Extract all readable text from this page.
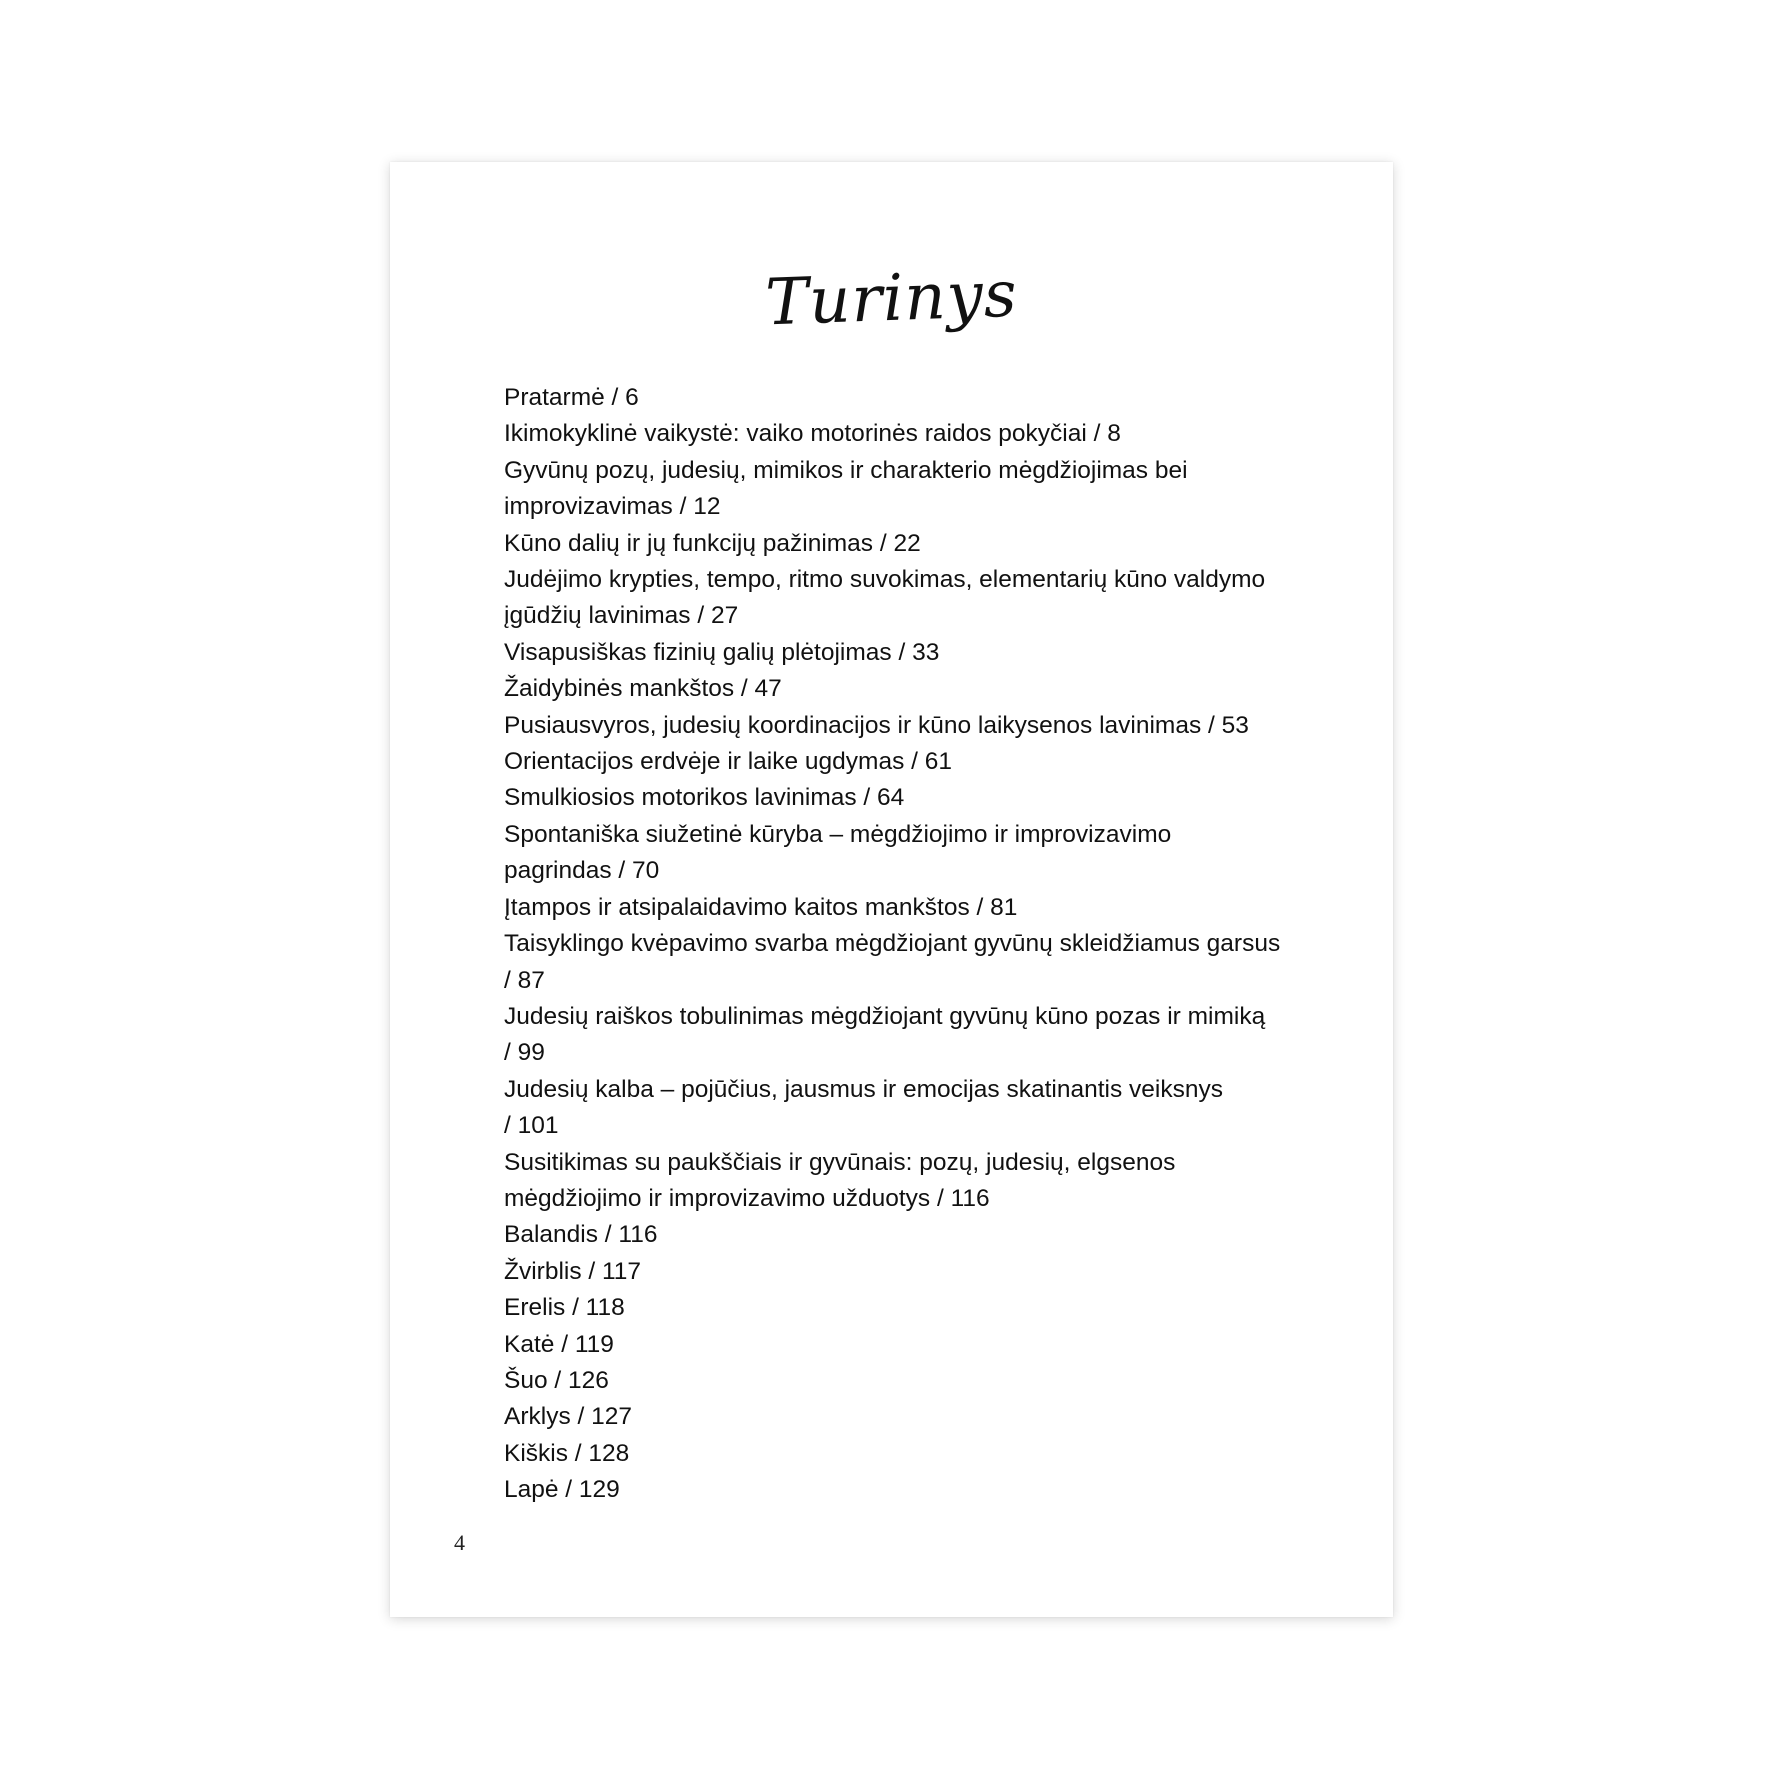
Turinys
Pratarmė / 6
Ikimokyklinė vaikystė: vaiko motorinės raidos pokyčiai / 8
Gyvūnų pozų, judesių, mimikos ir charakterio mėgdžiojimas bei
improvizavimas / 12
Kūno dalių ir jų funkcijų pažinimas / 22
Judėjimo krypties, tempo, ritmo suvokimas, elementarių kūno valdymo
įgūdžių lavinimas / 27
Visapusiškas fizinių galių plėtojimas / 33
Žaidybinės mankštos / 47
Pusiausvyros, judesių koordinacijos ir kūno laikysenos lavinimas / 53
Orientacijos erdvėje ir laike ugdymas / 61
Smulkiosios motorikos lavinimas / 64
Spontaniška siužetinė kūryba – mėgdžiojimo ir improvizavimo
pagrindas / 70
Įtampos ir atsipalaidavimo kaitos mankštos / 81
Taisyklingo kvėpavimo svarba mėgdžiojant gyvūnų skleidžiamus garsus
/ 87
Judesių raiškos tobulinimas mėgdžiojant gyvūnų kūno pozas ir mimiką
/ 99
Judesių kalba – pojūčius, jausmus ir emocijas skatinantis veiksnys
/ 101
Susitikimas su paukščiais ir gyvūnais: pozų, judesių, elgsenos
mėgdžiojimo ir improvizavimo užduotys / 116
Balandis / 116
Žvirblis / 117
Erelis / 118
Katė / 119
Šuo / 126
Arklys / 127
Kiškis / 128
Lapė / 129
4
